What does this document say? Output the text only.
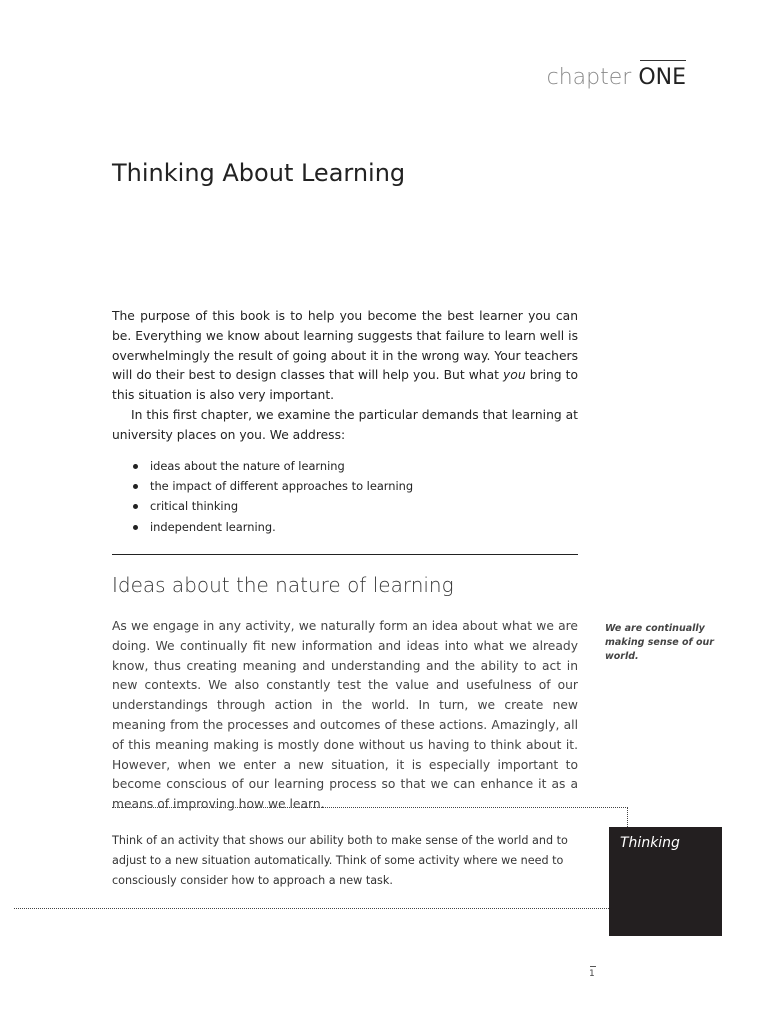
chapter ONE
Thinking About Learning

The purpose of this book is to help you become the best learner you can be. Everything we know about learning suggests that failure to learn well is overwhelmingly the result of going about it in the wrong way. Your teachers will do their best to design classes that will help you. But what you bring to this situation is also very important.

In this first chapter, we examine the particular demands that learning at university places on you. We address:

ideas about the nature of learning
the impact of different approaches to learning
critical thinking
independent learning.
Ideas about the nature of learning
As we engage in any activity, we naturally form an idea about what we are doing. We continually fit new information and ideas into what we already know, thus creating meaning and understanding and the ability to act in new contexts. We also constantly test the value and usefulness of our understandings through action in the world. In turn, we create new meaning from the processes and outcomes of these actions. Amazingly, all of this meaning making is mostly done without us having to think about it. However, when we enter a new situation, it is especially important to become conscious of our learning process so that we can enhance it as a means of improving how we learn.
We are continually making sense of our world.
Think of an activity that shows our ability both to make sense of the world and to adjust to a new situation automatically. Think of some activity where we need to consciously consider how to approach a new task.
Thinking
1
